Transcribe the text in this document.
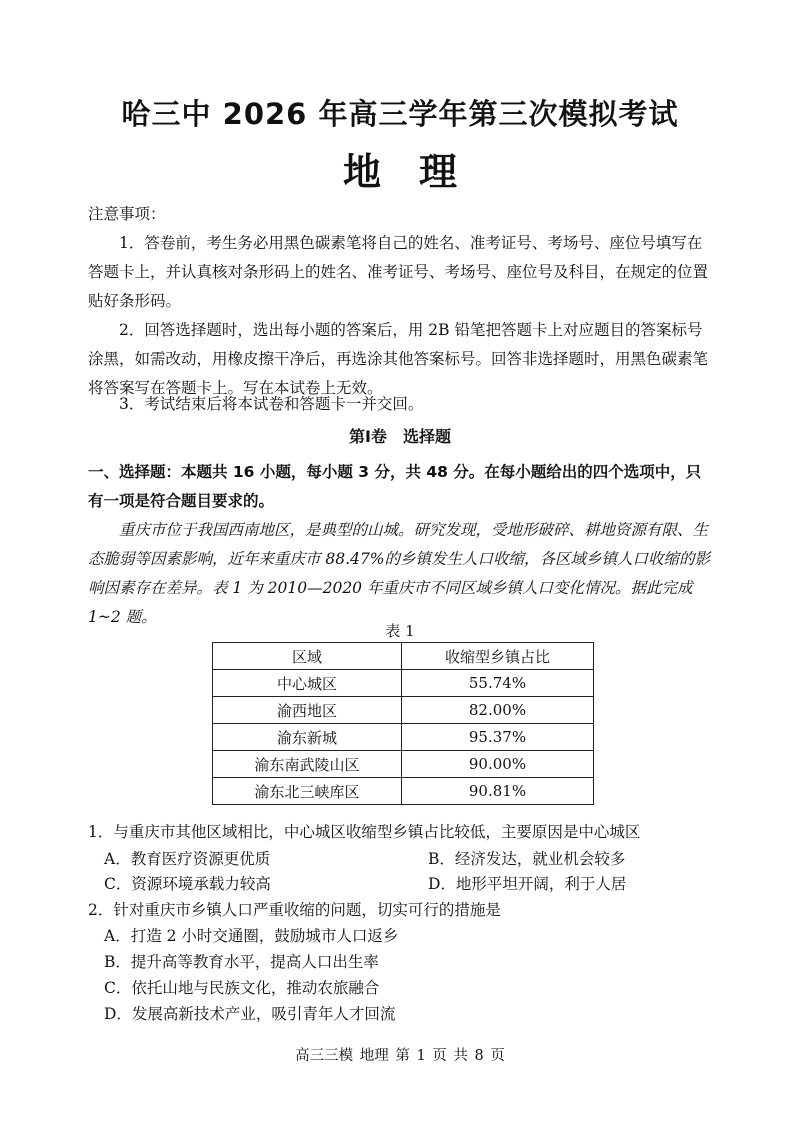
哈三中 2026 年高三学年第三次模拟考试
地　理

注意事项：

1．答卷前，考生务必用黑色碳素笔将自己的姓名、准考证号、考场号、座位号填写在答题卡上，并认真核对条形码上的姓名、准考证号、考场号、座位号及科目，在规定的位置贴好条形码。

2．回答选择题时，选出每小题的答案后，用 2B 铅笔把答题卡上对应题目的答案标号涂黑，如需改动，用橡皮擦干净后，再选涂其他答案标号。回答非选择题时，用黑色碳素笔将答案写在答题卡上。写在本试卷上无效。

3．考试结束后将本试卷和答题卡一并交回。

第Ⅰ卷　选择题

一、选择题：本题共 16 小题，每小题 3 分，共 48 分。在每小题给出的四个选项中，只有一项是符合题目要求的。

重庆市位于我国西南地区，是典型的山城。研究发现，受地形破碎、耕地资源有限、生态脆弱等因素影响，近年来重庆市 88.47%的乡镇发生人口收缩，各区域乡镇人口收缩的影响因素存在差异。表 1 为 2010—2020 年重庆市不同区域乡镇人口变化情况。据此完成 1~2 题。

表 1
区域	收缩型乡镇占比
中心城区	55.74%
渝西地区	82.00%
渝东新城	95.37%
渝东南武陵山区	90.00%
渝东北三峡库区	90.81%
1．与重庆市其他区域相比，中心城区收缩型乡镇占比较低，主要原因是中心城区
A．教育医疗资源更优质	B．经济发达，就业机会较多
C．资源环境承载力较高	D．地形平坦开阔，利于人居
2．针对重庆市乡镇人口严重收缩的问题，切实可行的措施是
A．打造 2 小时交通圈，鼓励城市人口返乡
B．提升高等教育水平，提高人口出生率
C．依托山地与民族文化，推动农旅融合
D．发展高新技术产业，吸引青年人才回流
高三三模 地理 第 1 页 共 8 页
